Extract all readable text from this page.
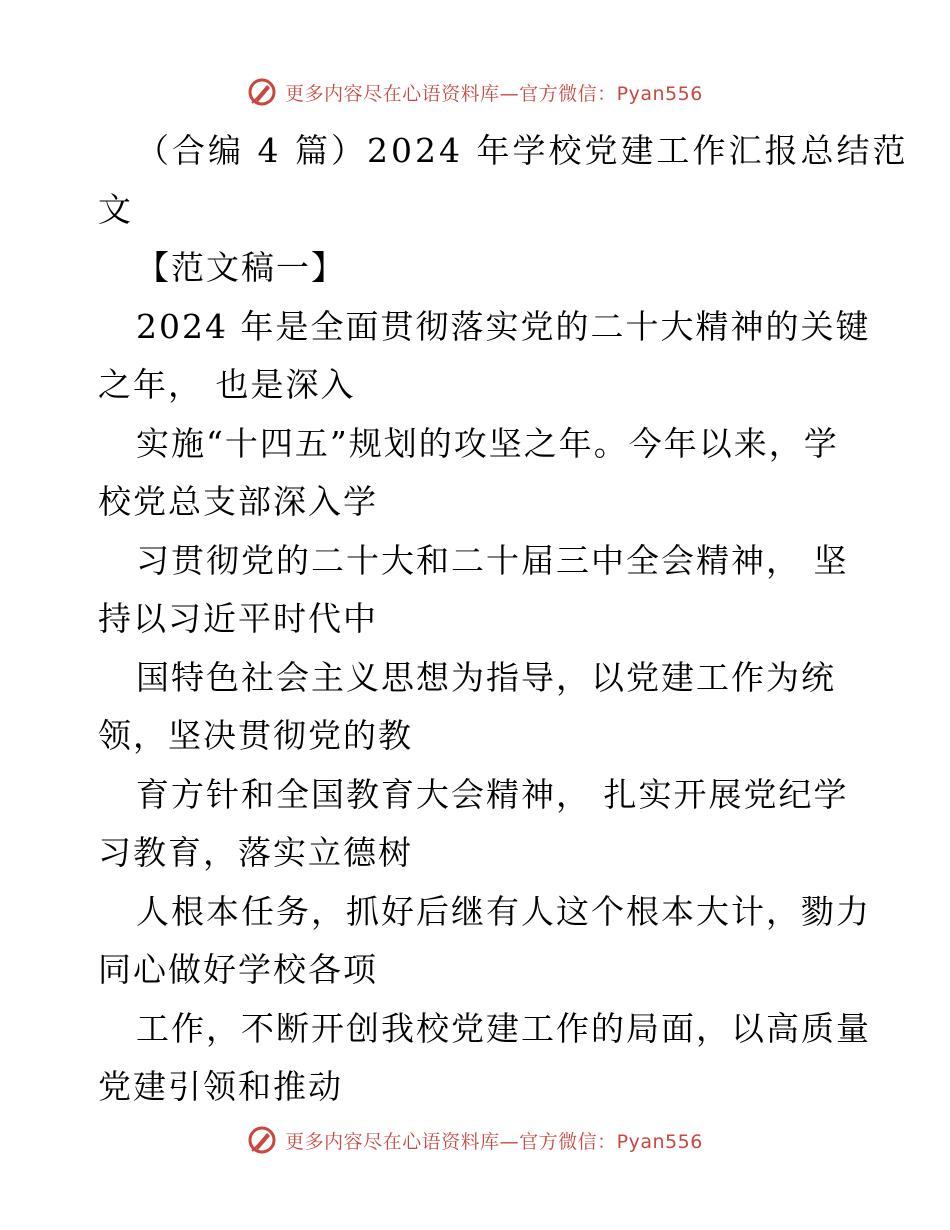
更多内容尽在心语资料库—官方微信：Pyan556
（合编 4 篇）2024 年学校党建工作汇报总结范
文
【范文稿一】
2024 年是全面贯彻落实党的二十大精神的关键
之年， 也是深入
实施“十四五”规划的攻坚之年。今年以来，学
校党总支部深入学
习贯彻党的二十大和二十届三中全会精神， 坚
持以习近平时代中
国特色社会主义思想为指导，以党建工作为统
领，坚决贯彻党的教
育方针和全国教育大会精神， 扎实开展党纪学
习教育，落实立德树
人根本任务，抓好后继有人这个根本大计，勠力
同心做好学校各项
工作，不断开创我校党建工作的局面，以高质量
党建引领和推动
更多内容尽在心语资料库—官方微信：Pyan556
